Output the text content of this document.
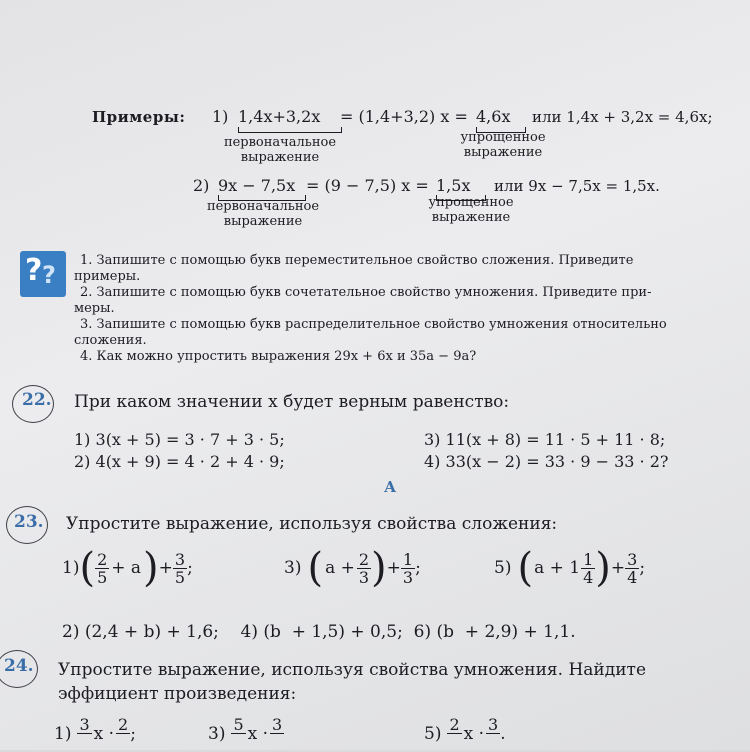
Примеры: 1) 1,4x+3,2x = (1,4+3,2) x = 4,6x или 1,4x + 3,2x = 4,6x;
первоначальное
выражение
упрощенное
выражение
2) 9x − 7,5x = (9 − 7,5) x = 1,5x или 9x − 7,5x = 1,5x.
первоначальное
выражение
упрощенное
выражение
? ?
1. Запишите с помощью букв переместительное свойство сложения. Приведите
примеры.
2. Запишите с помощью букв сочетательное свойство умножения. Приведите при-
меры.
3. Запишите с помощью букв распределительное свойство умножения относительно
сложения.
4. Как можно упростить выражения 29x + 6x и 35a − 9a?
22. При каком значении x будет верным равенство:
1) 3(x + 5) = 3 · 7 + 3 · 5;	3) 11(x + 8) = 11 · 5 + 11 · 8;
2) 4(x + 9) = 4 · 2 + 4 · 9;	4) 33(x − 2) = 33 · 9 − 33 · 2?
А
23. Упростите выражение, используя свойства сложения:
1) ( $\frac{2}{5} + a$ ) + $\frac{3}{5}$ ;	3) ( $a + \frac{2}{3}$ ) + $\frac{1}{3}$ ;	5) ( $a + 1 \frac{1}{4}$ ) + $\frac{3}{4}$ ;
2) (2,4 + b) + 1,6;    4) (b  + 1,5) + 0,5;  6) (b  + 2,9) + 1,1.
24. Упростите выражение, используя свойства умножения. Найдите
эффициент произведения:
1) 3
x · 2
;	3) 5
x · 3
	5) 2
x · 3
.
